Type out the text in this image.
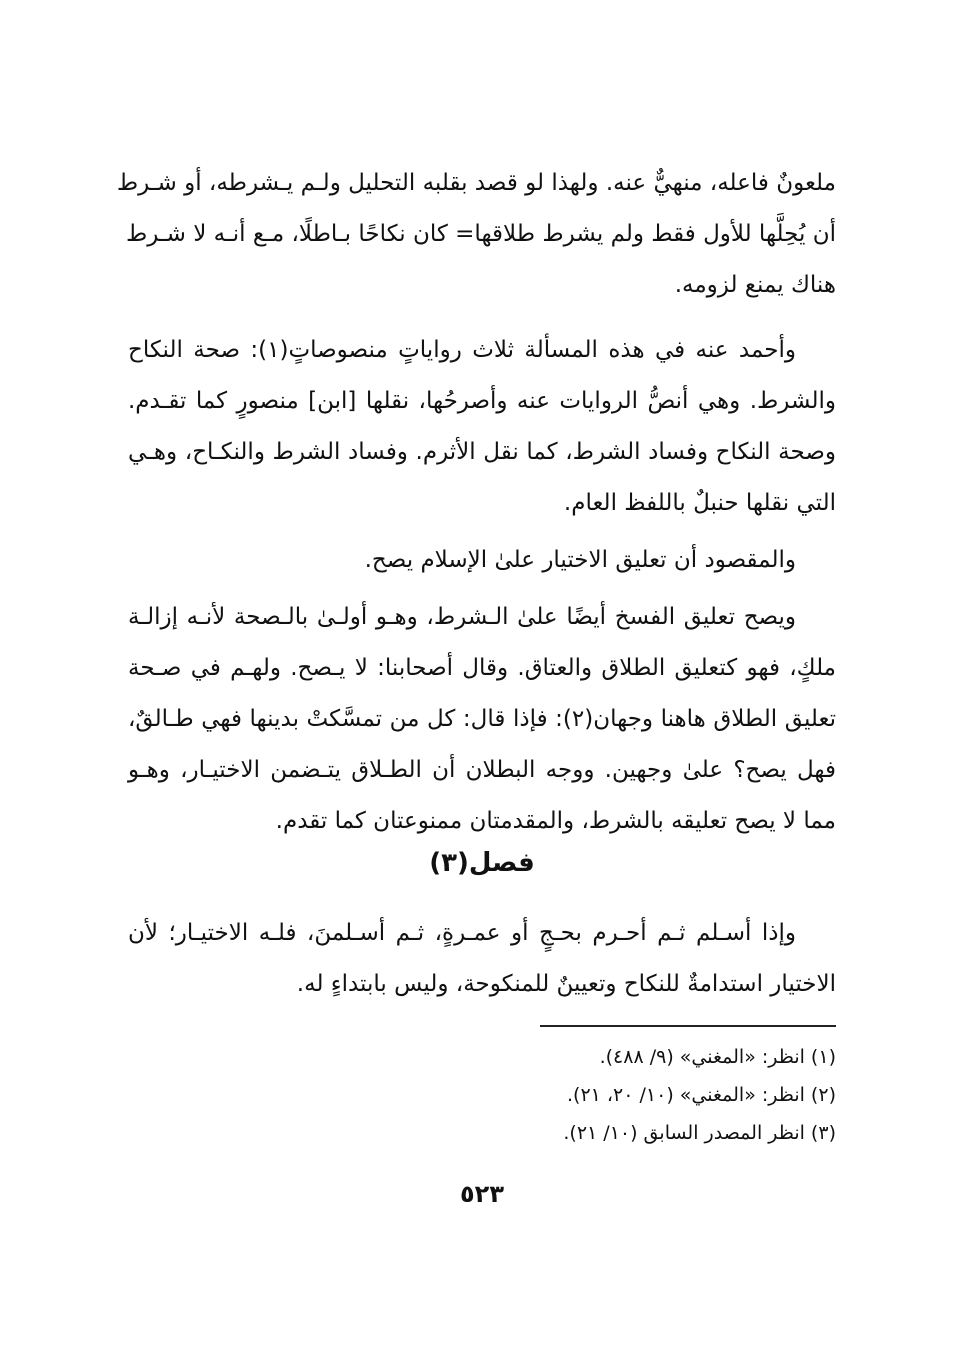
ملعونٌ فاعله، منهيٌّ عنه. ولهذا لو قصد بقلبه التحليل ولـم يـشرطه، أو شـرط
أن يُحِلَّها للأول فقط ولم يشرط طلاقها= كان نكاحًا بـاطلًا، مـع أنـه لا شـرط
هناك يمنع لزومه.
وأحمد عنه في هذه المسألة ثلاث رواياتٍ منصوصاتٍ(١): صحة النكاح
والشرط. وهي أنصُّ الروايات عنه وأصرحُها، نقلها [ابن] منصورٍ كما تقـدم.
وصحة النكاح وفساد الشرط، كما نقل الأثرم. وفساد الشرط والنكـاح، وهـي
التي نقلها حنبلٌ باللفظ العام.
والمقصود أن تعليق الاختيار علىٰ الإسلام يصح.
ويصح تعليق الفسخ أيضًا علىٰ الـشرط، وهـو أولـىٰ بالـصحة لأنـه إزالـة
ملكٍ، فهو كتعليق الطلاق والعتاق. وقال أصحابنا: لا يـصح. ولهـم في صـحة
تعليق الطلاق هاهنا وجهان(٢): فإذا قال: كل من تمسَّكتْ بدينها فهي طـالقٌ،
فهل يصح؟ علىٰ وجهين. ووجه البطلان أن الطـلاق يتـضمن الاختيـار، وهـو
مما لا يصح تعليقه بالشرط، والمقدمتان ممنوعتان كما تقدم.
فصل(٣)
وإذا أسـلم ثـم أحـرم بحـجٍ أو عمـرةٍ، ثـم أسـلمنَ، فلـه الاختيـار؛ لأن
الاختيار استدامةٌ للنكاح وتعيينٌ للمنكوحة، وليس بابتداءٍ له.
(١) انظر: «المغني» (٩/ ٤٨٨).
(٢) انظر: «المغني» (١٠/ ٢٠، ٢١).
(٣) انظر المصدر السابق (١٠/ ٢١).
٥٢٣
